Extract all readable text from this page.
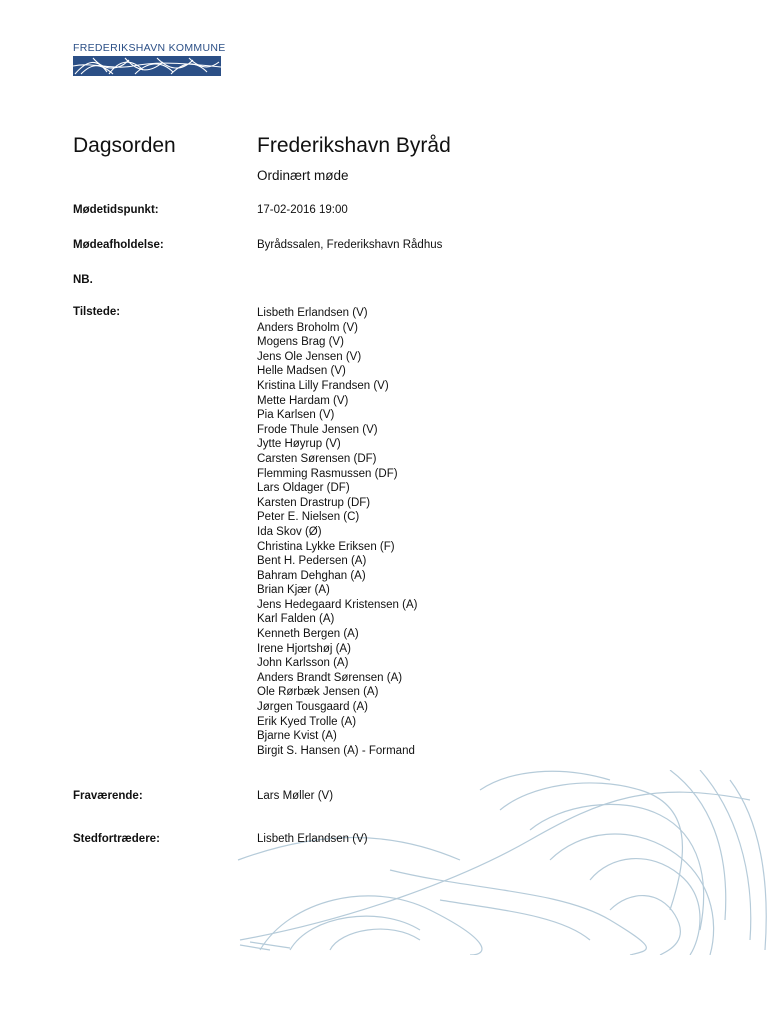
FREDERIKSHAVN KOMMUNE
Dagsorden	Frederikshavn Byråd
Ordinært møde
Mødetidspunkt:	17-02-2016 19:00
Mødeafholdelse:	Byrådssalen, Frederikshavn Rådhus
NB.
Tilstede:	Lisbeth Erlandsen (V)
Anders Broholm (V)
Mogens Brag (V)
Jens Ole Jensen (V)
Helle Madsen (V)
Kristina Lilly Frandsen (V)
Mette Hardam (V)
Pia Karlsen (V)
Frode Thule Jensen (V)
Jytte Høyrup (V)
Carsten Sørensen (DF)
Flemming Rasmussen (DF)
Lars Oldager (DF)
Karsten Drastrup (DF)
Peter E. Nielsen (C)
Ida Skov (Ø)
Christina Lykke Eriksen (F)
Bent H. Pedersen (A)
Bahram Dehghan (A)
Brian Kjær (A)
Jens Hedegaard Kristensen (A)
Karl Falden (A)
Kenneth Bergen (A)
Irene Hjortshøj (A)
John Karlsson (A)
Anders Brandt Sørensen (A)
Ole Rørbæk Jensen (A)
Jørgen Tousgaard (A)
Erik Kyed Trolle (A)
Bjarne Kvist (A)
Birgit S. Hansen (A) - Formand
Fraværende:	Lars Møller (V)
Stedfortrædere:	Lisbeth Erlandsen (V)
